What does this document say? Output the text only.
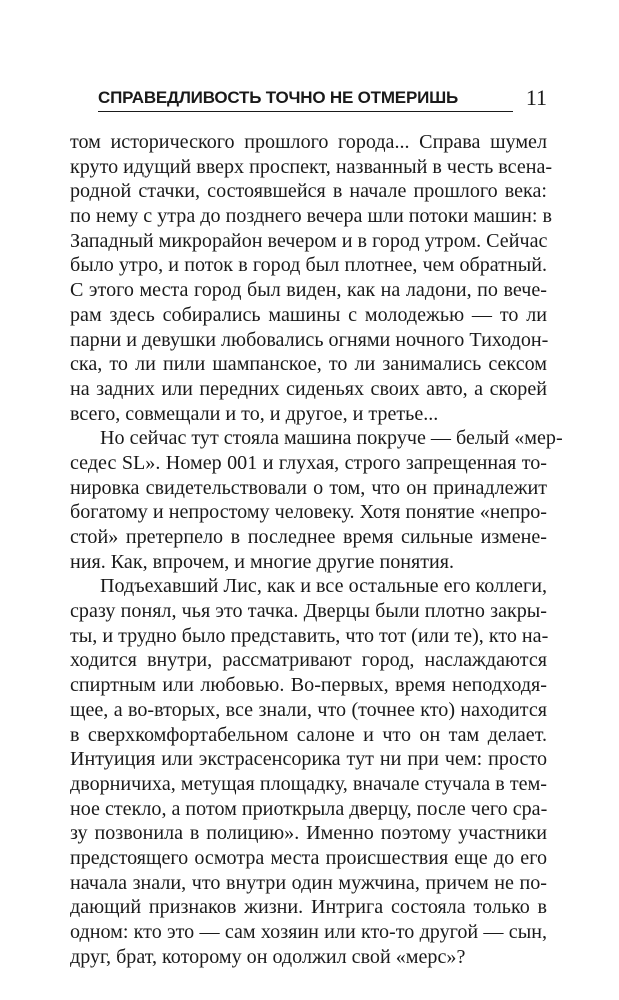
СПРАВЕДЛИВОСТЬ ТОЧНО НЕ ОТМЕРИШЬ	11
том исторического прошлого города... Справа шумел
круто идущий вверх проспект, названный в честь всена-
родной стачки, состоявшейся в начале прошлого века:
по нему с утра до позднего вечера шли потоки машин: в
Западный микрорайон вечером и в город утром. Сейчас
было утро, и поток в город был плотнее, чем обратный.
С этого места город был виден, как на ладони, по вече-
рам здесь собирались машины с молодежью — то ли
парни и девушки любовались огнями ночного Тиходон-
ска, то ли пили шампанское, то ли занимались сексом
на задних или передних сиденьях своих авто, а скорей
всего, совмещали и то, и другое, и третье...
Но сейчас тут стояла машина покруче — белый «мер-
седес SL». Номер 001 и глухая, строго запрещенная то-
нировка свидетельствовали о том, что он принадлежит
богатому и непростому человеку. Хотя понятие «непро-
стой» претерпело в последнее время сильные измене-
ния. Как, впрочем, и многие другие понятия.
Подъехавший Лис, как и все остальные его коллеги,
сразу понял, чья это тачка. Дверцы были плотно закры-
ты, и трудно было представить, что тот (или те), кто на-
ходится внутри, рассматривают город, наслаждаются
спиртным или любовью. Во-первых, время неподходя-
щее, а во-вторых, все знали, что (точнее кто) находится
в сверхкомфортабельном салоне и что он там делает.
Интуиция или экстрасенсорика тут ни при чем: просто
дворничиха, метущая площадку, вначале стучала в тем-
ное стекло, а потом приоткрыла дверцу, после чего сра-
зу позвонила в полицию». Именно поэтому участники
предстоящего осмотра места происшествия еще до его
начала знали, что внутри один мужчина, причем не по-
дающий признаков жизни. Интрига состояла только в
одном: кто это — сам хозяин или кто-то другой — сын,
друг, брат, которому он одолжил свой «мерс»?
